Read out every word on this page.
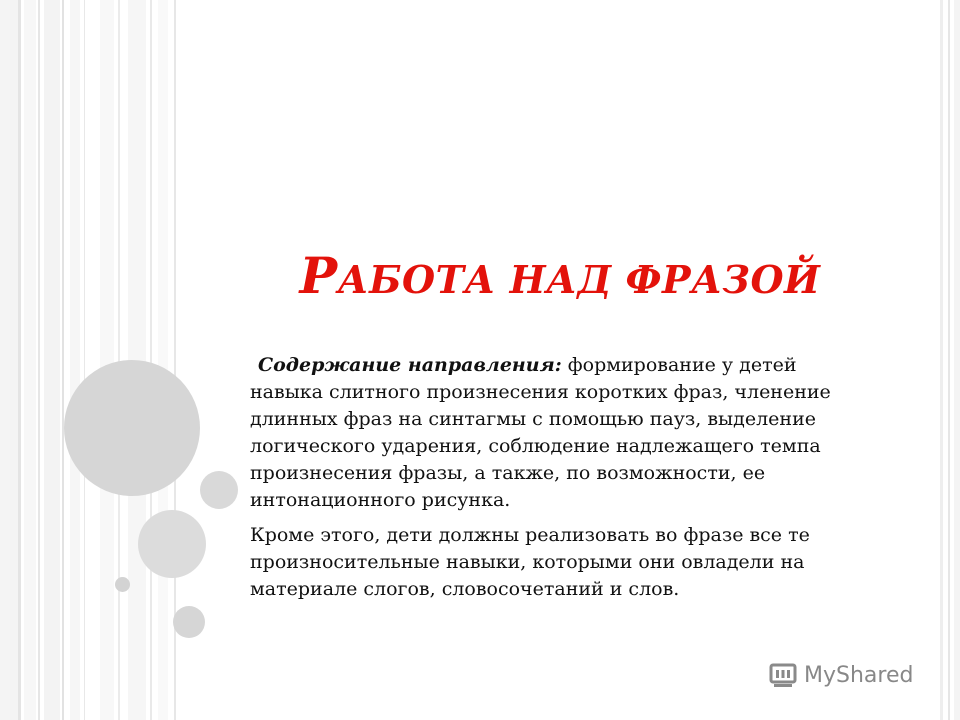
РАБОТА НАД ФРАЗОЙ

Содержание направления: формирование у детей навыка слитного произнесения коротких фраз, членение длинных фраз на синтагмы с помощью пауз, выделение логического ударения, соблюдение надлежащего темпа произнесения фразы, а также, по возможности, ее интонационного рисунка.

Кроме этого, дети должны реализовать во фразе все те произносительные навыки, которыми они овладели на материале слогов, словосочетаний и слов.

MyShared
